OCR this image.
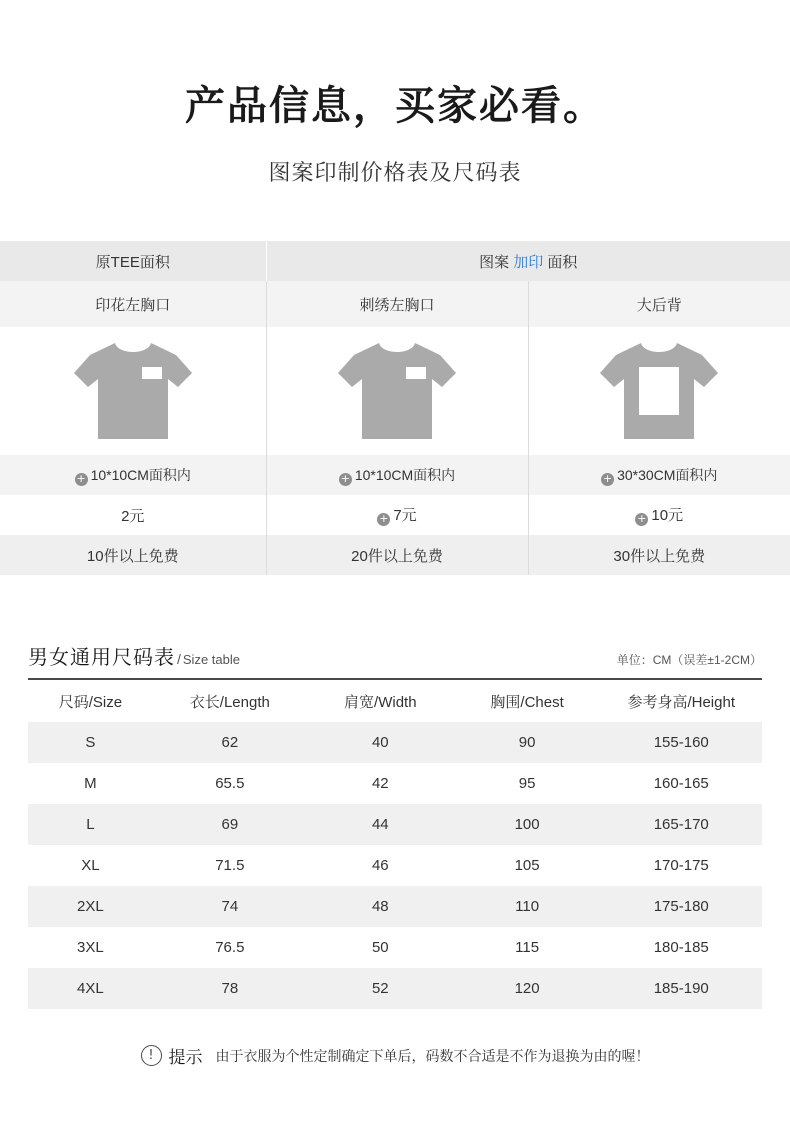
产品信息，买家必看。
图案印制价格表及尺码表
原TEE面积	图案 加印 面积	
印花左胸口	刺绣左胸口	大后背

+ 10*10CM面积内	+ 10*10CM面积内	+ 30*30CM面积内
2元	+ 7元	+ 10元
10件以上免费	20件以上免费	30件以上免费
男女通用尺码表 / Size table	单位：CM（误差±1-2CM）
尺码/Size	衣长/Length	肩宽/Width	胸围/Chest	参考身高/Height
S	62	40	90	155-160
M	65.5	42	95	160-165
L	69	44	100	165-170
XL	71.5	46	105	170-175
2XL	74	48	110	175-180
3XL	76.5	50	115	180-185
4XL	78	52	120	185-190
! 提示 由于衣服为个性定制确定下单后，码数不合适是不作为退换为由的喔！
